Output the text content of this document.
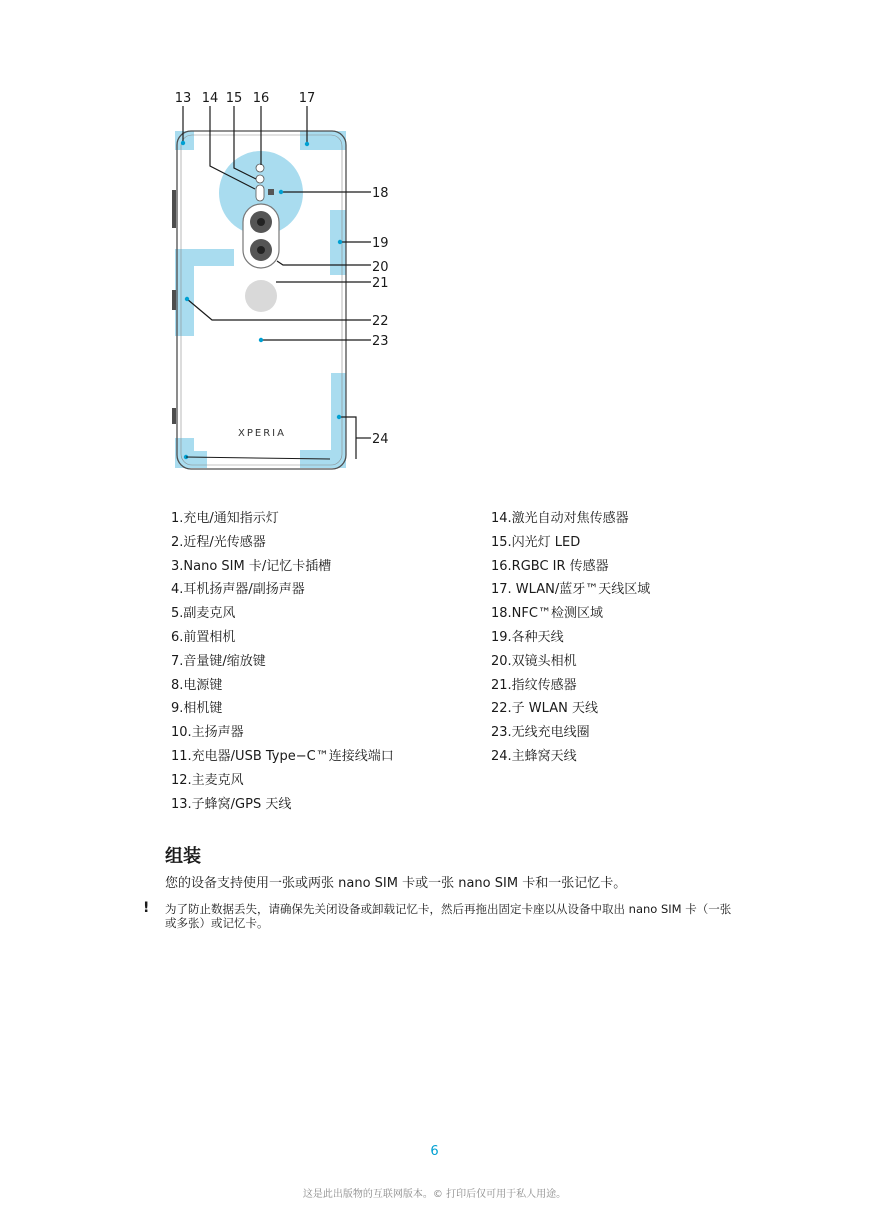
XPERIA
13 14 15 16 17
18
19
20
21
22
23
24
1.充电/通知指示灯
2.近程/光传感器
3.Nano SIM 卡/记忆卡插槽
4.耳机扬声器/副扬声器
5.副麦克风
6.前置相机
7.音量键/缩放键
8.电源键
9.相机键
10.主扬声器
11.充电器/USB Type−C™连接线端口
12.主麦克风
13.子蜂窝/GPS 天线
14.激光自动对焦传感器
15.闪光灯 LED
16.RGBC IR 传感器
17. WLAN/蓝牙™天线区域
18.NFC™检测区域
19.各种天线
20.双镜头相机
21.指纹传感器
22.子 WLAN 天线
23.无线充电线圈
24.主蜂窝天线
组装

您的设备支持使用一张或两张 nano SIM 卡或一张 nano SIM 卡和一张记忆卡。

! 为了防止数据丢失，请确保先关闭设备或卸载记忆卡，然后再拖出固定卡座以从设备中取出 nano SIM 卡（一张或多张）或记忆卡。

6
这是此出版物的互联网版本。© 打印后仅可用于私人用途。
